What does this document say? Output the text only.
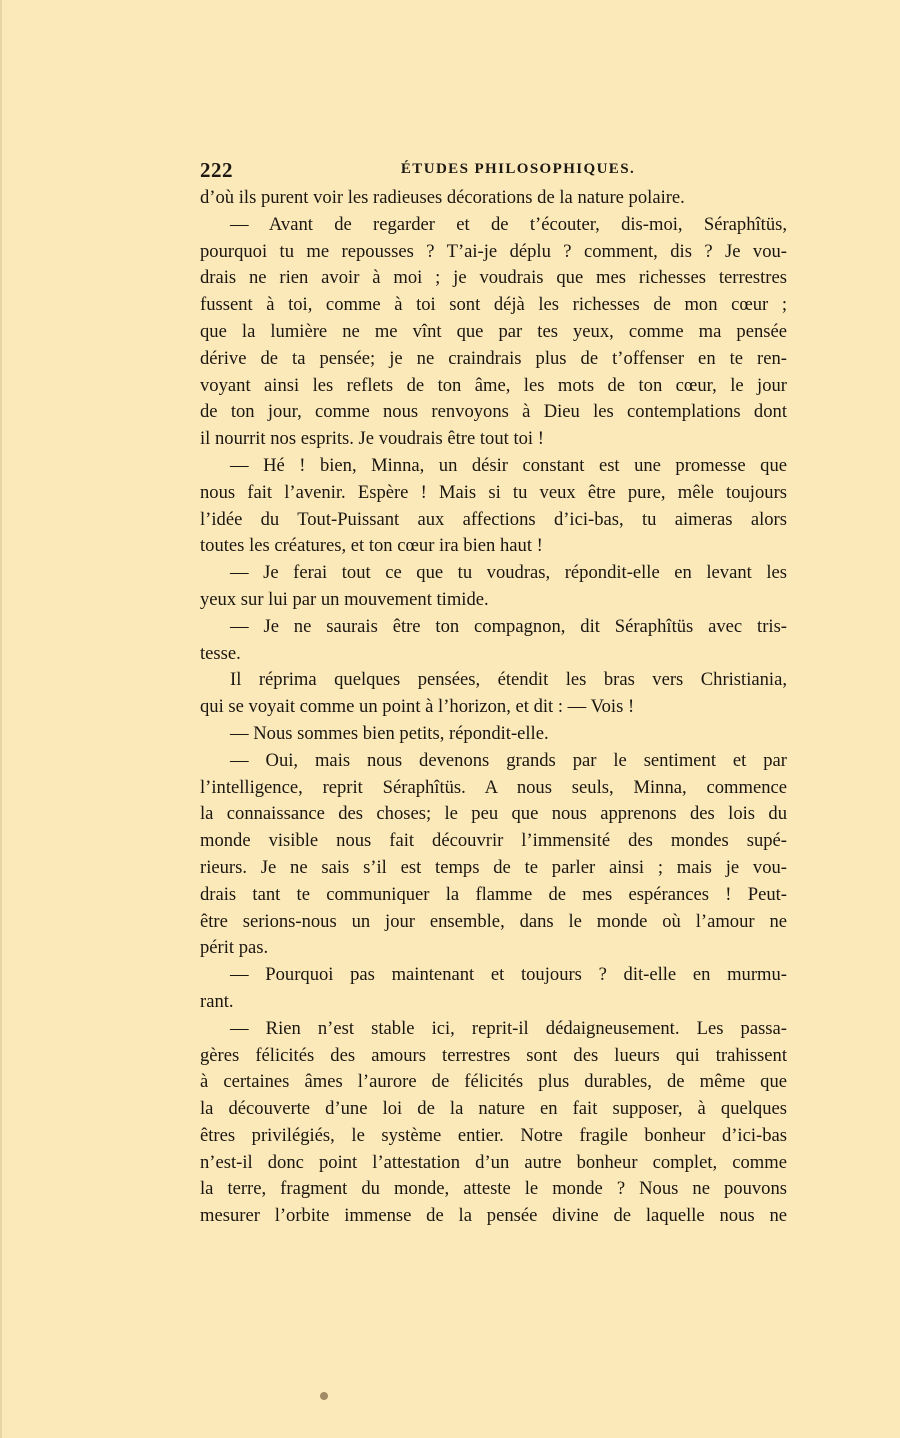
222	ÉTUDES PHILOSOPHIQUES.
d’où ils purent voir les radieuses décorations de la nature polaire.
— Avant de regarder et de t’écouter, dis-moi, Séraphîtüs,
pourquoi tu me repousses ? T’ai-je déplu ? comment, dis ? Je vou-
drais ne rien avoir à moi ; je voudrais que mes richesses terrestres
fussent à toi, comme à toi sont déjà les richesses de mon cœur ;
que la lumière ne me vînt que par tes yeux, comme ma pensée
dérive de ta pensée; je ne craindrais plus de t’offenser en te ren-
voyant ainsi les reflets de ton âme, les mots de ton cœur, le jour
de ton jour, comme nous renvoyons à Dieu les contemplations dont
il nourrit nos esprits. Je voudrais être tout toi !
— Hé ! bien, Minna, un désir constant est une promesse que
nous fait l’avenir. Espère ! Mais si tu veux être pure, mêle toujours
l’idée du Tout-Puissant aux affections d’ici-bas, tu aimeras alors
toutes les créatures, et ton cœur ira bien haut !
— Je ferai tout ce que tu voudras, répondit-elle en levant les
yeux sur lui par un mouvement timide.
— Je ne saurais être ton compagnon, dit Séraphîtüs avec tris-
tesse.
Il réprima quelques pensées, étendit les bras vers Christiania,
qui se voyait comme un point à l’horizon, et dit : — Vois !
— Nous sommes bien petits, répondit-elle.
— Oui, mais nous devenons grands par le sentiment et par
l’intelligence, reprit Séraphîtüs. A nous seuls, Minna, commence
la connaissance des choses; le peu que nous apprenons des lois du
monde visible nous fait découvrir l’immensité des mondes supé-
rieurs. Je ne sais s’il est temps de te parler ainsi ; mais je vou-
drais tant te communiquer la flamme de mes espérances ! Peut-
être serions-nous un jour ensemble, dans le monde où l’amour ne
périt pas.
— Pourquoi pas maintenant et toujours ? dit-elle en murmu-
rant.
— Rien n’est stable ici, reprit-il dédaigneusement. Les passa-
gères félicités des amours terrestres sont des lueurs qui trahissent
à certaines âmes l’aurore de félicités plus durables, de même que
la découverte d’une loi de la nature en fait supposer, à quelques
êtres privilégiés, le système entier. Notre fragile bonheur d’ici-bas
n’est-il donc point l’attestation d’un autre bonheur complet, comme
la terre, fragment du monde, atteste le monde ? Nous ne pouvons
mesurer l’orbite immense de la pensée divine de laquelle nous ne
